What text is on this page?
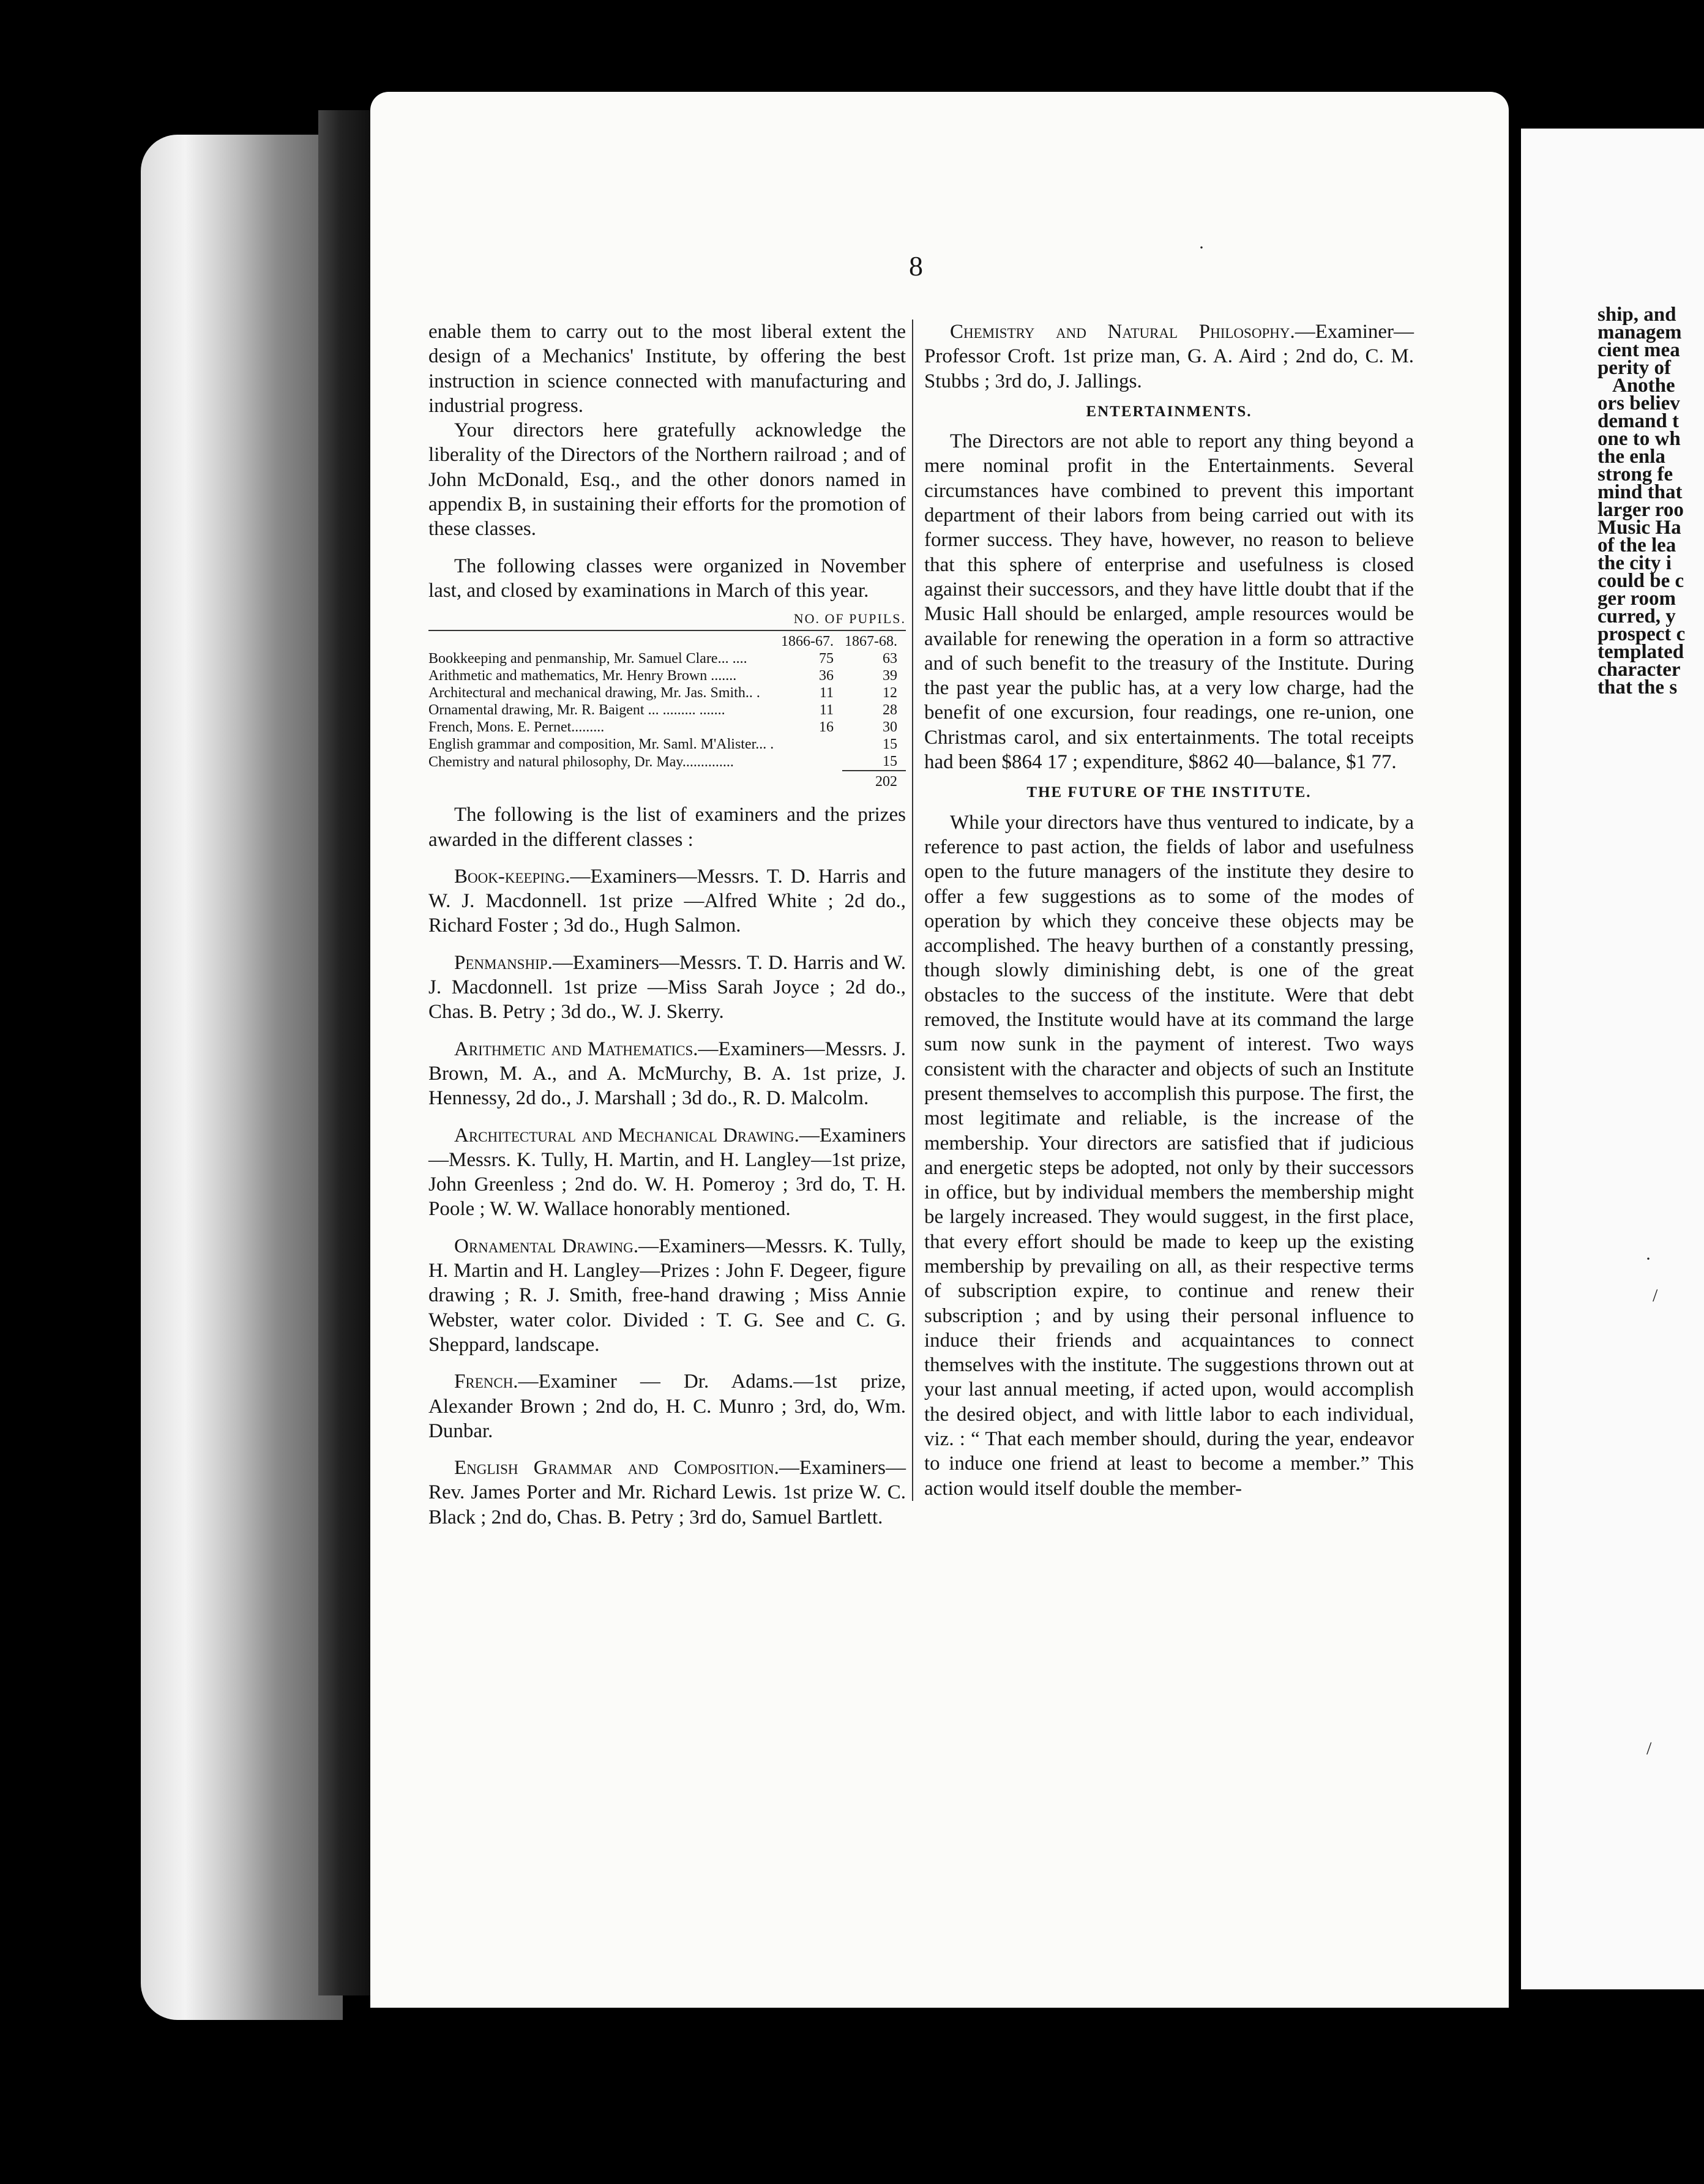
ship, and
managem
cient mea
perity of
Anothe
ors believ
demand t
one to wh
the enla
strong fe
mind that
larger roo
Music Ha
of the lea
the city i
could be c
ger room
curred, y
prospect c
templated
character
that the s
8
·

enable them to carry out to the most liberal extent the design of a Mechanics' Institute, by offering the best instruction in science connected with manufacturing and industrial progress.

Your directors here gratefully acknowledge the liberality of the Directors of the Northern railroad ; and of John McDonald, Esq., and the other donors named in appendix B, in sustaining their efforts for the promotion of these classes.

The following classes were organized in November last, and closed by examinations in March of this year.

	NO. OF PUPILS.	
	1866-67.	1867-68.
Bookkeeping and penmanship, Mr. Samuel Clare... ....	75	63
Arithmetic and mathematics, Mr. Henry Brown .......	36	39
Architectural and mechanical drawing, Mr. Jas. Smith.. .	11	12
Ornamental drawing, Mr. R. Baigent ... ......... .......	11	28
French, Mons. E. Pernet.........	16	30
English grammar and composition, Mr. Saml. M'Alister... .		15
Chemistry and natural philosophy, Dr. May..............		15
		202

The following is the list of examiners and the prizes awarded in the different classes :

Book-keeping.—Examiners—Messrs. T. D. Harris and W. J. Macdonnell. 1st prize —Alfred White ; 2d do., Richard Foster ; 3d do., Hugh Salmon.

Penmanship.—Examiners—Messrs. T. D. Harris and W. J. Macdonnell. 1st prize —Miss Sarah Joyce ; 2d do., Chas. B. Petry ; 3d do., W. J. Skerry.

Arithmetic and Mathematics.—Examiners—Messrs. J. Brown, M. A., and A. McMurchy, B. A. 1st prize, J. Hennessy, 2d do., J. Marshall ; 3d do., R. D. Malcolm.

Architectural and Mechanical Drawing.—Examiners—Messrs. K. Tully, H. Martin, and H. Langley—1st prize, John Greenless ; 2nd do. W. H. Pomeroy ; 3rd do, T. H. Poole ; W. W. Wallace honorably mentioned.

Ornamental Drawing.—Examiners—Messrs. K. Tully, H. Martin and H. Langley—Prizes : John F. Degeer, figure drawing ; R. J. Smith, free-hand drawing ; Miss Annie Webster, water color. Divided : T. G. See and C. G. Sheppard, landscape.

French.—Examiner — Dr. Adams.—1st prize, Alexander Brown ; 2nd do, H. C. Munro ; 3rd, do, Wm. Dunbar.

English Grammar and Composition.—Examiners—Rev. James Porter and Mr. Richard Lewis. 1st prize W. C. Black ; 2nd do, Chas. B. Petry ; 3rd do, Samuel Bartlett.

Chemistry and Natural Philosophy.—Examiner—Professor Croft. 1st prize man, G. A. Aird ; 2nd do, C. M. Stubbs ; 3rd do, J. Jallings.

ENTERTAINMENTS.

The Directors are not able to report any thing beyond a mere nominal profit in the Entertainments. Several circumstances have combined to prevent this important department of their labors from being carried out with its former success. They have, however, no reason to believe that this sphere of enterprise and usefulness is closed against their successors, and they have little doubt that if the Music Hall should be enlarged, ample resources would be available for renewing the operation in a form so attractive and of such benefit to the treasury of the Institute. During the past year the public has, at a very low charge, had the benefit of one excursion, four readings, one re-union, one Christmas carol, and six entertainments. The total receipts had been $864 17 ; expenditure, $862 40—balance, $1 77.

THE FUTURE OF THE INSTITUTE.

While your directors have thus ventured to indicate, by a reference to past action, the fields of labor and usefulness open to the future managers of the institute they desire to offer a few suggestions as to some of the modes of operation by which they conceive these objects may be accomplished. The heavy burthen of a constantly pressing, though slowly diminishing debt, is one of the great obstacles to the success of the institute. Were that debt removed, the Institute would have at its command the large sum now sunk in the payment of interest. Two ways consistent with the character and objects of such an Institute present themselves to accomplish this purpose. The first, the most legitimate and reliable, is the increase of the membership. Your directors are satisfied that if judicious and energetic steps be adopted, not only by their successors in office, but by individual members the membership might be largely increased. They would suggest, in the first place, that every effort should be made to keep up the existing membership by prevailing on all, as their respective terms of subscription expire, to continue and renew their subscription ; and by using their personal influence to induce their friends and acquaintances to connect themselves with the institute. The suggestions thrown out at your last annual meeting, if acted upon, would accomplish the desired object, and with little labor to each individual, viz. : “ That each member should, during the year, endeavor to induce one friend at least to become a member.” This action would itself double the member-

/
/
·
